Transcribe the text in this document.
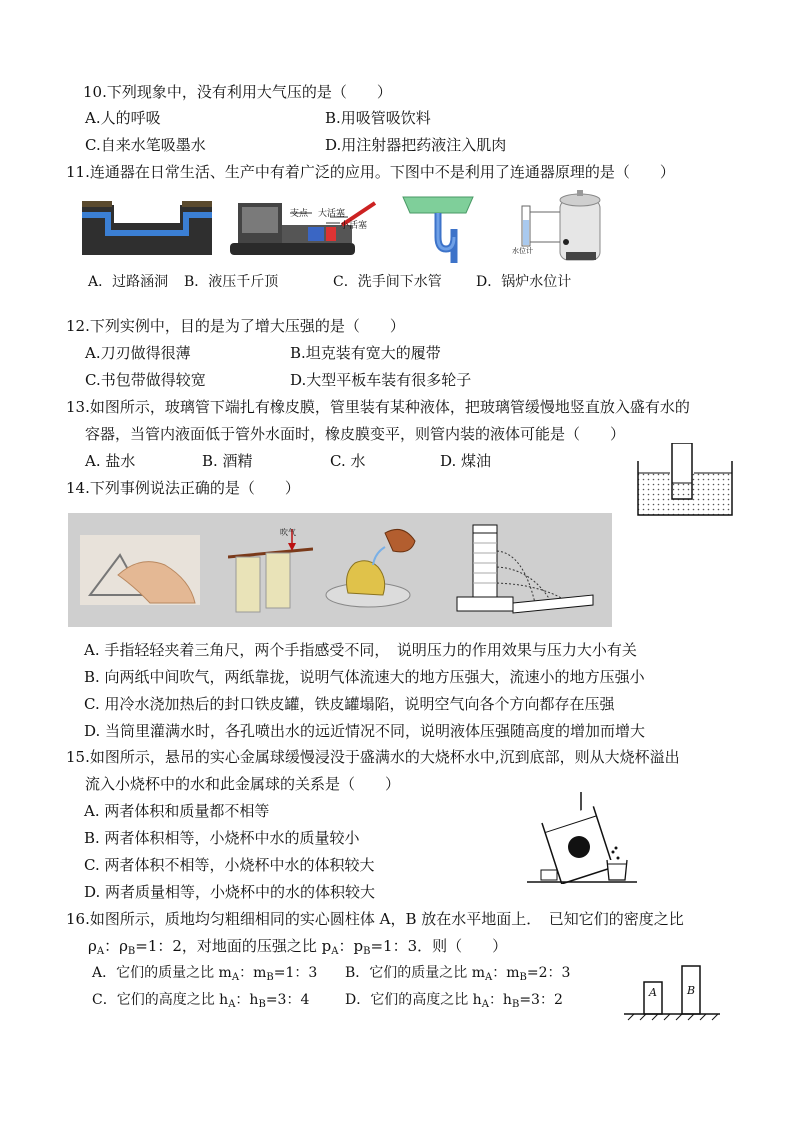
10.下列现象中，没有利用大气压的是（　　）
A.人的呼吸	B.用吸管吸饮料
C.自来水笔吸墨水	D.用注射器把药液注入肌肉
11.连通器在日常生活、生产中有着广泛的应用。下图中不是利用了连通器原理的是（　　）
支点 大活塞
小活塞
水位计
A．过路涵洞 B．液压千斤顶	C．洗手间下水管 D．锅炉水位计
12.下列实例中，目的是为了增大压强的是（　　）
A.刀刃做得很薄	B.坦克装有宽大的履带
C.书包带做得较宽	D.大型平板车装有很多轮子
13.如图所示，玻璃管下端扎有橡皮膜，管里装有某种液体，把玻璃管缓慢地竖直放入盛有水的
容器，当管内液面低于管外水面时，橡皮膜变平，则管内装的液体可能是（　　）
A. 盐水	B. 酒精	C. 水	D. 煤油
14.下列事例说法正确的是（　　）
吹气
A. 手指轻轻夹着三角尺，两个手指感受不同，　说明压力的作用效果与压力大小有关
B. 向两纸中间吹气，两纸靠拢，说明气体流速大的地方压强大，流速小的地方压强小
C. 用冷水浇加热后的封口铁皮罐，铁皮罐塌陷，说明空气向各个方向都存在压强
D. 当筒里灌满水时，各孔喷出水的远近情况不同，说明液体压强随高度的增加而增大
15.如图所示，悬吊的实心金属球缓慢浸没于盛满水的大烧杯水中,沉到底部，则从大烧杯溢出
流入小烧杯中的水和此金属球的关系是（　　）
A. 两者体积和质量都不相等
B. 两者体积相等，小烧杯中水的质量较小
C. 两者体积不相等，小烧杯中水的体积较大
D. 两者质量相等，小烧杯中的水的体积较大
16.如图所示，质地均匀粗细相同的实心圆柱体 A，B 放在水平地面上．　已知它们的密度之比
$\rho_A$：$\rho_B=1$：2，对地面的压强之比 $p_A$：$p_B=1$：3．则（　　）
A．它们的质量之比 $m_A$：$m_B=1$：3 B．它们的质量之比 $m_A$：$m_B=2$：3
C．它们的高度之比 $h_A$：$h_B=3$：4	D．它们的高度之比 $h_A$：$h_B=3$：2	A	B
